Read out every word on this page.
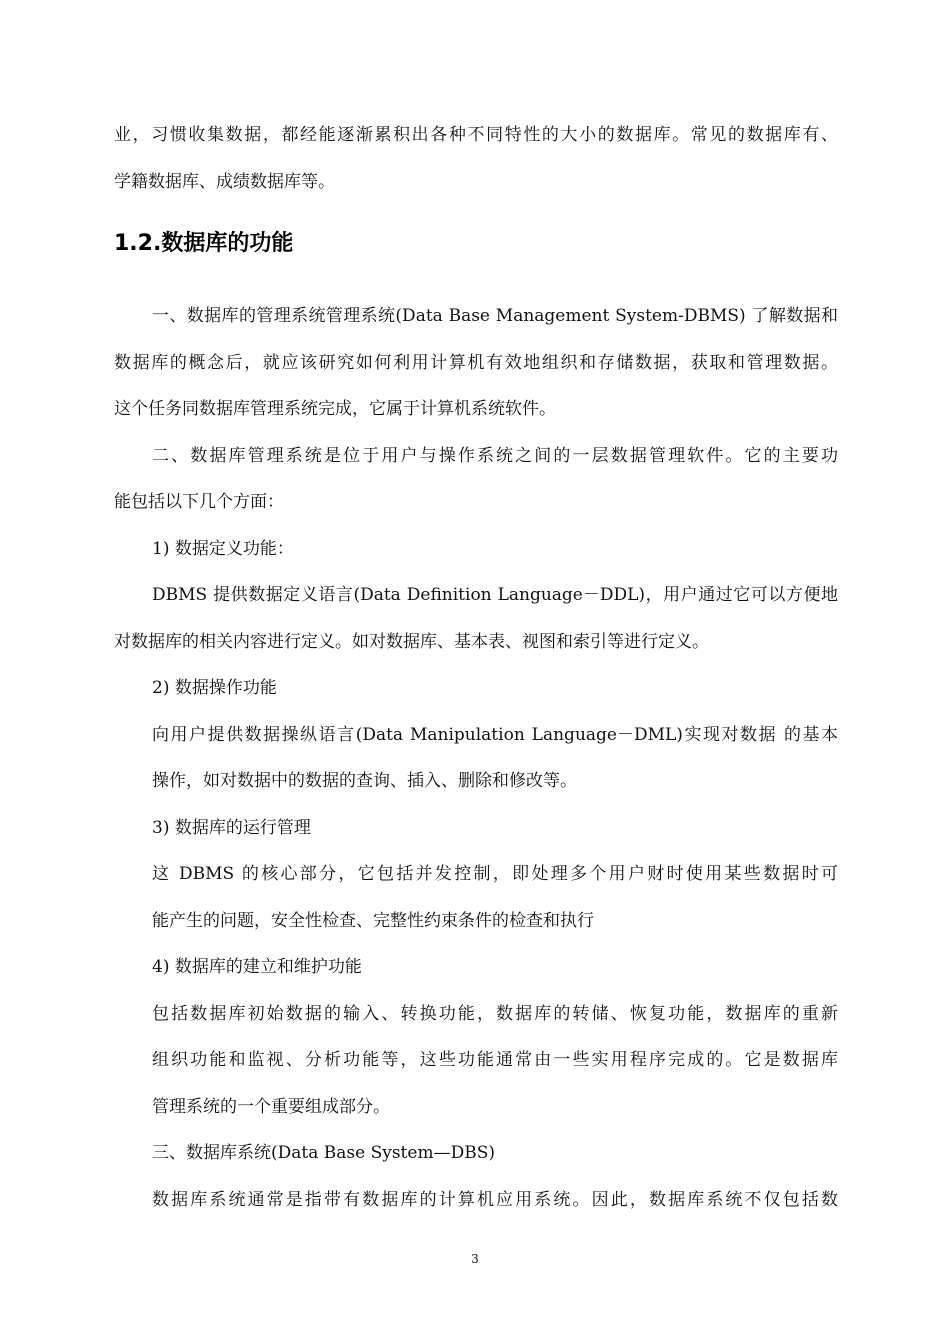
业，习惯收集数据，都经能逐渐累积出各种不同特性的大小的数据库。常见的数据库有、

学籍数据库、成绩数据库等。

1.2.数据库的功能

一、数据库的管理系统管理系统(Data Base Management System-DBMS) 了解数据和

数据库的概念后，就应该研究如何利用计算机有效地组织和存储数据，获取和管理数据。

这个任务同数据库管理系统完成，它属于计算机系统软件。

二、数据库管理系统是位于用户与操作系统之间的一层数据管理软件。它的主要功

能包括以下几个方面：

1) 数据定义功能：

DBMS 提供数据定义语言(Data Definition Language－DDL)，用户通过它可以方便地

对数据库的相关内容进行定义。如对数据库、基本表、视图和索引等进行定义。

2) 数据操作功能

向用户提供数据操纵语言(Data Manipulation Language－DML)实现对数据 的基本

操作，如对数据中的数据的查询、插入、删除和修改等。

3) 数据库的运行管理

这 DBMS 的核心部分，它包括并发控制，即处理多个用户财时使用某些数据时可

能产生的问题，安全性检查、完整性约束条件的检查和执行

4) 数据库的建立和维护功能

包括数据库初始数据的输入、转换功能，数据库的转储、恢复功能，数据库的重新

组织功能和监视、分析功能等，这些功能通常由一些实用程序完成的。它是数据库

管理系统的一个重要组成部分。

三、数据库系统(Data Base System—DBS)

数据库系统通常是指带有数据库的计算机应用系统。因此，数据库系统不仅包括数

3
